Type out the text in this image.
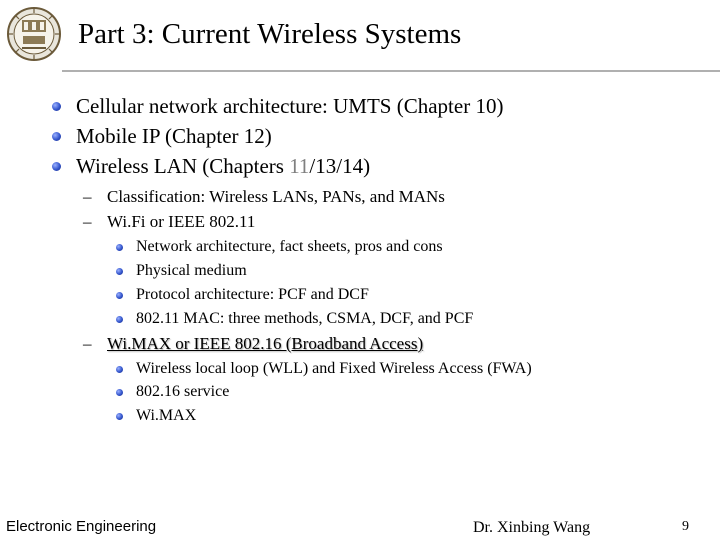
Part 3: Current Wireless Systems
Cellular network architecture: UMTS (Chapter 10)
Mobile IP (Chapter 12)
Wireless LAN (Chapters 11/13/14)
– Classification: Wireless LANs, PANs, and MANs
– Wi.Fi or IEEE 802.11
Network architecture, fact sheets, pros and cons
Physical medium
Protocol architecture: PCF and DCF
802.11 MAC: three methods, CSMA, DCF, and PCF
– Wi.MAX or IEEE 802.16 (Broadband Access)
Wireless local loop (WLL) and Fixed Wireless Access (FWA)
802.16 service
Wi.MAX
Electronic Engineering	Dr. Xinbing Wang	9
